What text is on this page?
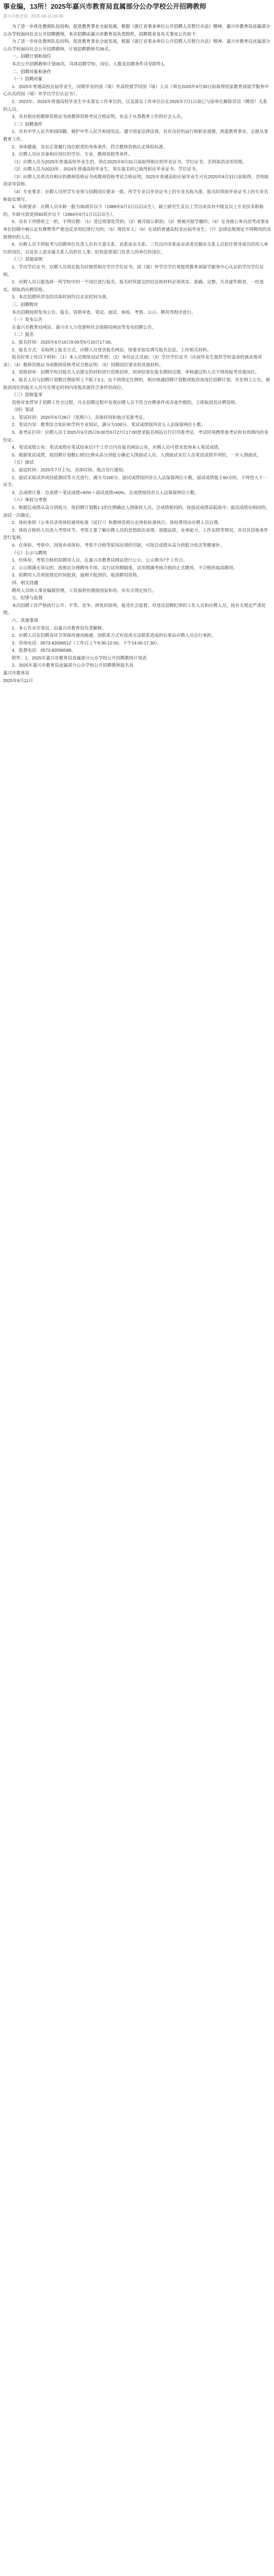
事业编，13所！2025年嘉兴市教育局直属部分公办学校公开招聘教师
嘉兴市教育局 2025-06-11 09:48

为了进一步优化教师队伍结构，促进教育事业全面发展，根据《浙江省事业单位公开招聘人员暂行办法》精神，嘉兴市教育局直属部分公办学校面向社会公开招聘教师。本次招聘由嘉兴市教育局负责组织，招聘简章及有关事宜公告如下：

为了进一步优化教师队伍结构，促进教育事业全面发展，根据《浙江省事业单位公开招聘人员暂行办法》精神，嘉兴市教育局直属部分公办学校面向社会公开招聘教师，计划招聘教师共36名。

一、招聘计划和岗位

本次公开招聘教师计划36名，具体招聘学校、岗位、人数及招聘条件详见附件1。

二、招聘对象和条件

（一）招聘对象

1．2025年普通高校应届毕业生，同期毕业的国（境）外高校留学回国（境）人员（须在2025年9月30日前取得国家教育部留学服务中心出具的国（境）外学历学位认证书）。

2．2023年、2024年普通高校毕业生中未落实工作单位的，以及落实工作单位后在2025年7月1日前已与原单位解除劳动（聘用）关系的人员。

3．具有相应的教师资格证书或教师资格考试合格证明，有志于从事教育工作的社会人员。

（二）招聘条件

1．具有中华人民共和国国籍，拥护中华人民共和国宪法，遵守国家法律法规，具有良好的品行和职业道德，热爱教育事业，志愿从事教育工作。

2．身体健康，具有正常履行岗位职责的身体条件，符合教师资格认定体检标准。

3．应聘人员应具备相应岗位的学历、专业、教师资格等条件。

（1）应聘人员为2025年普通高校毕业生的，须在2025年8月31日前取得相应的毕业证书、学位证书，否则取消录用资格。

（2）应聘人员为2023年、2024年普通高校毕业生，须在报名时已取得相应毕业证书、学位证书。

（3）应聘人员须具有相应的教师资格证书或教师资格考试合格证明，2025年普通高校应届毕业生可在2025年8月31日前取得，否则取消录用资格。

（4）专业要求：应聘人员所学专业须与招聘岗位要求一致，所学专业以毕业证书上的专业名称为准，报名时须按毕业证书上的专业名称如实填写。

4．年龄要求：应聘人员年龄一般为35周岁以下（1989年6月1日以后出生），硕士研究生及以上学历或具有中级及以上专业技术职称的，年龄可放宽到40周岁以下（1984年6月1日以后出生）。

5．具有下列情形之一的，不得应聘：（1）受过刑事处罚的；（2）被开除公职的；（3）曾被开除学籍的；（4）在各级公务员招考或事业单位招聘中被认定有舞弊等严重违反录用纪律行为的；（5）现役军人；（6）在读的普通高校非应届毕业生；（7）法律法规规定不得聘用的其他情形的人员。

6．应聘人员不得报考与招聘单位负责人员有夫妻关系、直系血亲关系、三代以内旁系血亲或者近姻亲关系人员担任领导成员的用人单位的岗位，以及有上述亲属关系人员担任人事、纪检监察部门负责人的单位的岗位。

（三）其他说明

1．学历学位证书：应聘人员须在报名时提供相应学历学位证书，国（境）外学历学位须提供教育部留学服务中心认证的学历学位证明。

2．应聘人员只能选择一所学校中的一个岗位进行报名，报名时所提交的信息和材料必须真实、准确、完整，凡弄虚作假者，一经查实，即取消应聘资格。

3．本次招聘所涉及的具体时间均以北京时间为准。

三、招聘程序

本次招聘按照发布公告、报名、资格审查、笔试、面试、体检、考察、公示、聘用等程序进行。

（一）发布公告

在嘉兴市教育局网站、嘉兴市人力资源和社会保障局网站等发布招聘公告。

（二）报名

1．报名时间：2025年6月16日9:00至6月20日17:00。

2．报名方式：采取网上报名方式。应聘人员登录报名网站，按要求如实填写报名信息，上传相关材料。

报名时须上传以下材料：（1）本人近期免冠证件照；（2）身份证正反面；（3）学历学位证书（应届毕业生提供学校盖章的就业推荐表）；（4）教师资格证书或教师资格考试合格证明；（5）招聘岗位要求的其他材料。

3．资格初审：招聘学校对报名人员提交的材料进行资格初审，初审结果在报名期间反馈，审核通过的人员不得再报考其他岗位。

4．报名人员与招聘计划数比例原则上不低于3:1，达不到规定比例的，相应核减招聘计划数或取消该岗位招聘计划，并在网上公告。被取消岗位的报名人员可在规定时间内改报其他符合条件的岗位。

（三）资格复审

资格审查贯穿于招聘工作全过程，凡在招聘过程中发现应聘人员不符合应聘条件或弄虚作假的，立即取消其应聘资格。

（四）笔试

1．笔试时间：2025年6月28日（星期六），具体时间和地点见准考证。

2．笔试内容：教育综合知识和学科专业知识，满分为100分。笔试成绩按四舍五入法保留两位小数。

3．准考证打印：应聘人员于2025年6月25日9:00至6月27日17:00登录报名网站自行打印准考证，考试时须携带准考证和有效期内的身份证。

4．笔试成绩公布：笔试成绩在笔试结束后7个工作日内在报名网站公布，应聘人员可登录查询本人笔试成绩。

5．根据笔试成绩，按招聘计划数1:3的比例从高分到低分确定入围面试人员。入围面试末位人员笔试成绩并列的，一并入围面试。

（五）面试

1．面试时间：2025年7月上旬，具体时间、地点另行通知。

2．面试采取试讲或技能测试等方式进行，满分为100分，面试成绩按四舍五入法保留两位小数。面试成绩低于60分的，不得进入下一环节。

3．总成绩计算：总成绩＝笔试成绩×40%＋面试成绩×60%，总成绩按四舍五入法保留两位小数。

（六）体检与考察

1．根据总成绩从高分到低分，按招聘计划数1:1的比例确定入围体检人员。总成绩相同的，按面试成绩高低排序；面试成绩也相同的，加试一次确定。

2．体检参照《公务员录用体检通用标准（试行）》和教师资格认定体检标准执行。体检费用由应聘人员自理。

3．体检合格的人员进入考察环节。考察主要了解应聘人员的思想政治表现、道德品质、业务能力、工作实绩等情况，并对其资格条件进行复核。

4．在体检、考察中，因放弃或体检、考察不合格等原因出现的空缺，可按总成绩从高分到低分依次等额递补。

（七）公示与聘用

1．经体检、考察合格的拟聘用人员，在嘉兴市教育局网站进行公示，公示期为7个工作日。

2．公示期满无异议的，按规定办理聘用手续，实行试用期制度，试用期满考核合格的正式聘用，不合格的取消聘用。

3．拟聘用人员须按规定时间报到，逾期不报到的，取消聘用资格。

四、相关待遇

聘用人员纳入事业编制管理，工资福利待遇按国家和省、市有关规定执行。

五、纪律与监督

本次招聘工作严格执行公开、平等、竞争、择优的原则，接受社会监督。对违反招聘纪律的工作人员和应聘人员，按有关规定严肃处理。

六、其他事项

1．本公告未尽事宜，由嘉兴市教育局负责解释。

2．应聘人员在招聘各环节须保持通讯畅通，因联系方式有误或无法联系造成的后果由应聘人员自行承担。

3．咨询电话：0573-82096512（工作日上午8:30-12:00，下午14:00-17:30）。

4．监督电话：0573-82096588。

附件：1．2025年嘉兴市教育局直属部分公办学校公开招聘教师计划表

2．2025年嘉兴市教育局直属部分公办学校公开招聘教师报名表

嘉兴市教育局

2025年6月11日
